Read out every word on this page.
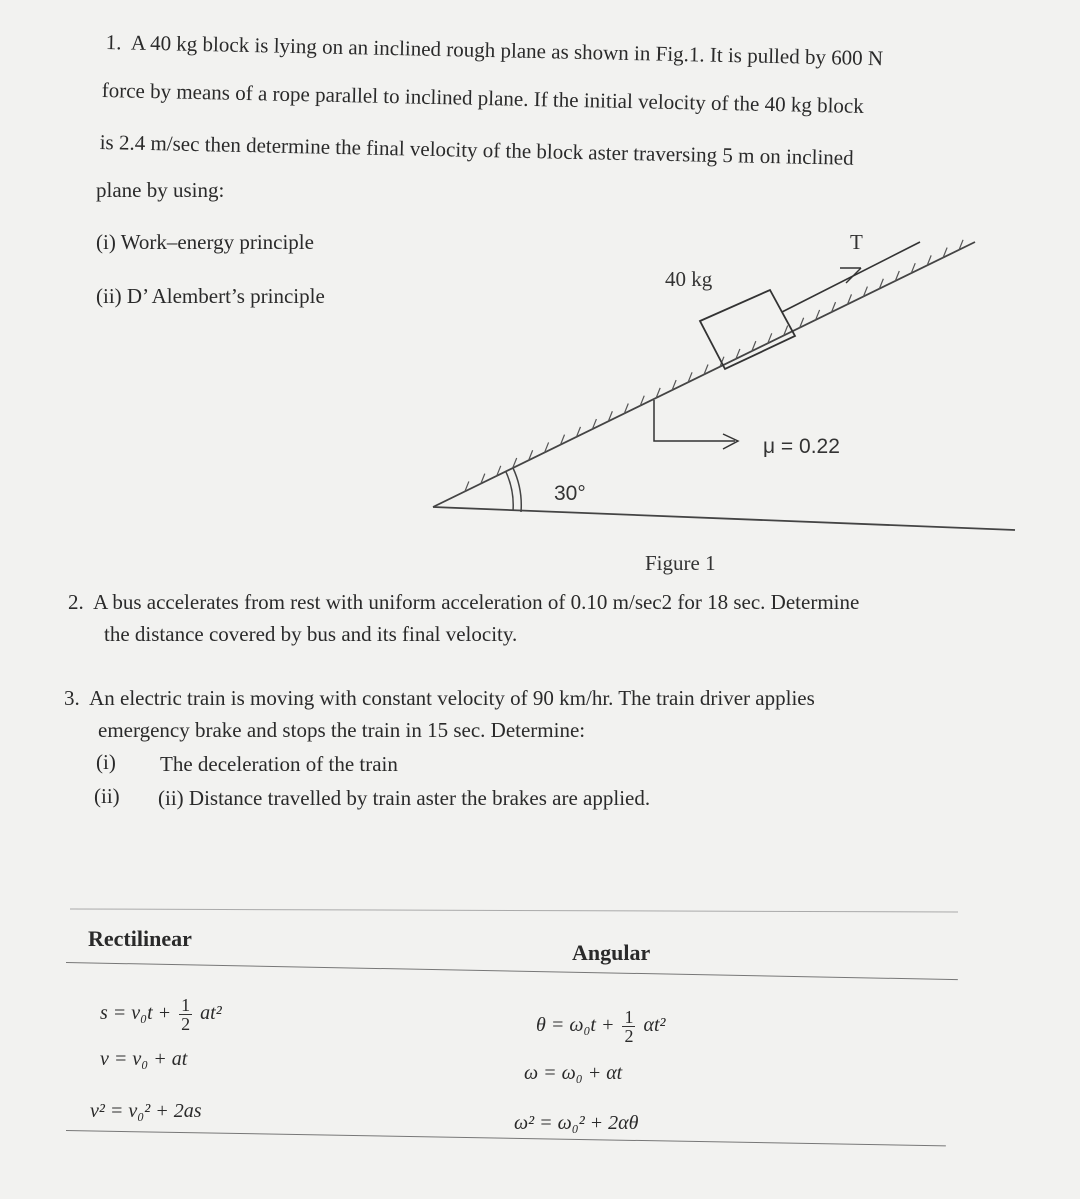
1. A 40 kg block is lying on an inclined rough plane as shown in Fig.1. It is pulled by 600 N
force by means of a rope parallel to inclined plane. If the initial velocity of the 40 kg block
is 2.4 m/sec then determine the final velocity of the block aster traversing 5 m on inclined
plane by using:
(i) Work–energy principle
(ii) D’ Alembert’s principle
30°
40 kg
T
μ = 0.22
Figure 1
2. A bus accelerates from rest with uniform acceleration of 0.10 m/sec2 for 18 sec. Determine
the distance covered by bus and its final velocity.
3. An electric train is moving with constant velocity of 90 km/hr. The train driver applies
emergency brake and stops the train in 15 sec. Determine:
(i) The deceleration of the train
(ii) (ii) Distance travelled by train aster the brakes are applied.
Rectilinear
Angular
$s = v_0t + \frac{1}{2} at^2$
v = v₀ + at
v² = v₀² + 2as
$\theta = \omega_0t + \frac{1}{2} \alpha t^2$
ω = ω₀ + αt
ω² = ω₀² + 2αθ
